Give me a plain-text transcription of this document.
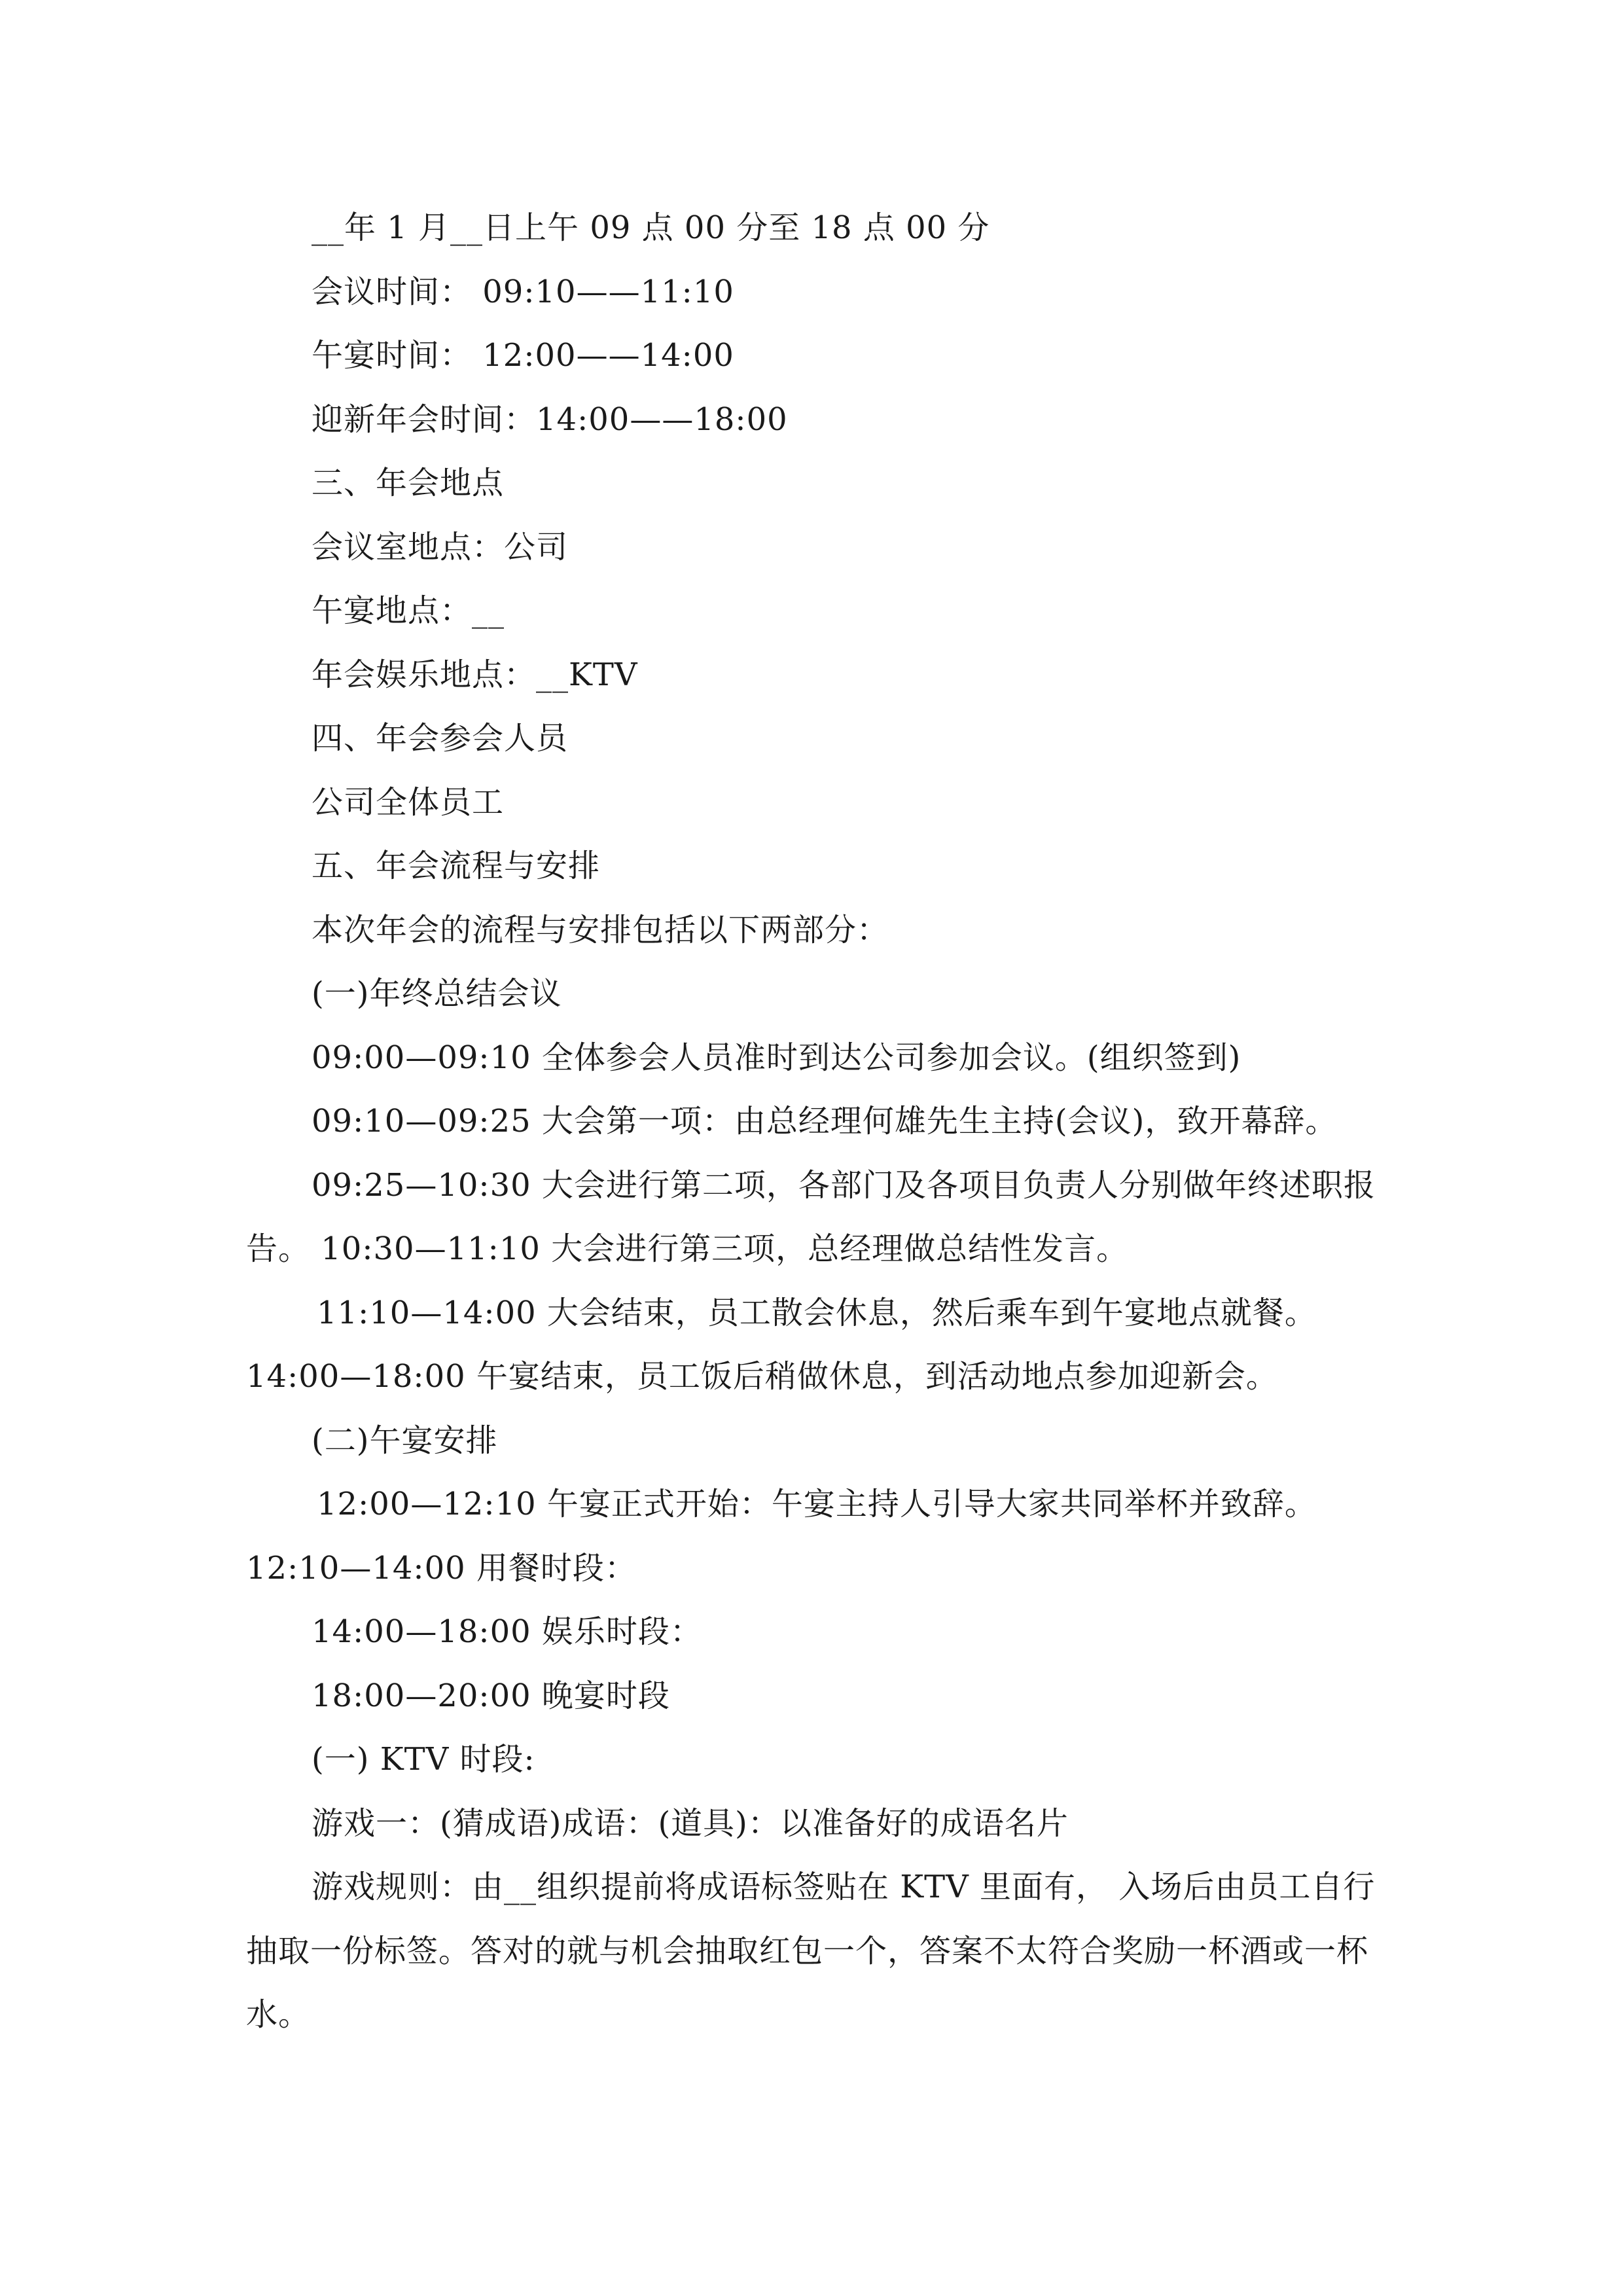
__年 1 月__日上午 09 点 00 分至 18 点 00 分
会议时间： 09:10——11:10
午宴时间： 12:00——14:00
迎新年会时间：14:00——18:00
三、年会地点
会议室地点：公司
午宴地点：__
年会娱乐地点：__KTV
四、年会参会人员
公司全体员工
五、年会流程与安排
本次年会的流程与安排包括以下两部分：
(一)年终总结会议
09:00—09:10 全体参会人员准时到达公司参加会议。(组织签到)
09:10—09:25 大会第一项：由总经理何雄先生主持(会议)，致开幕辞。
09:25—10:30 大会进行第二项，各部门及各项目负责人分别做年终述职报
告。 10:30—11:10 大会进行第三项，总经理做总结性发言。
11:10—14:00 大会结束，员工散会休息，然后乘车到午宴地点就餐。
14:00—18:00 午宴结束，员工饭后稍做休息，到活动地点参加迎新会。
(二)午宴安排
12:00—12:10 午宴正式开始：午宴主持人引导大家共同举杯并致辞。
12:10—14:00 用餐时段：
14:00—18:00 娱乐时段：
18:00—20:00 晚宴时段
(一) KTV 时段:
游戏一：(猜成语)成语：(道具)：以准备好的成语名片
游戏规则：由__组织提前将成语标签贴在 KTV 里面有， 入场后由员工自行
抽取一份标签。答对的就与机会抽取红包一个，答案不太符合奖励一杯酒或一杯
水。
